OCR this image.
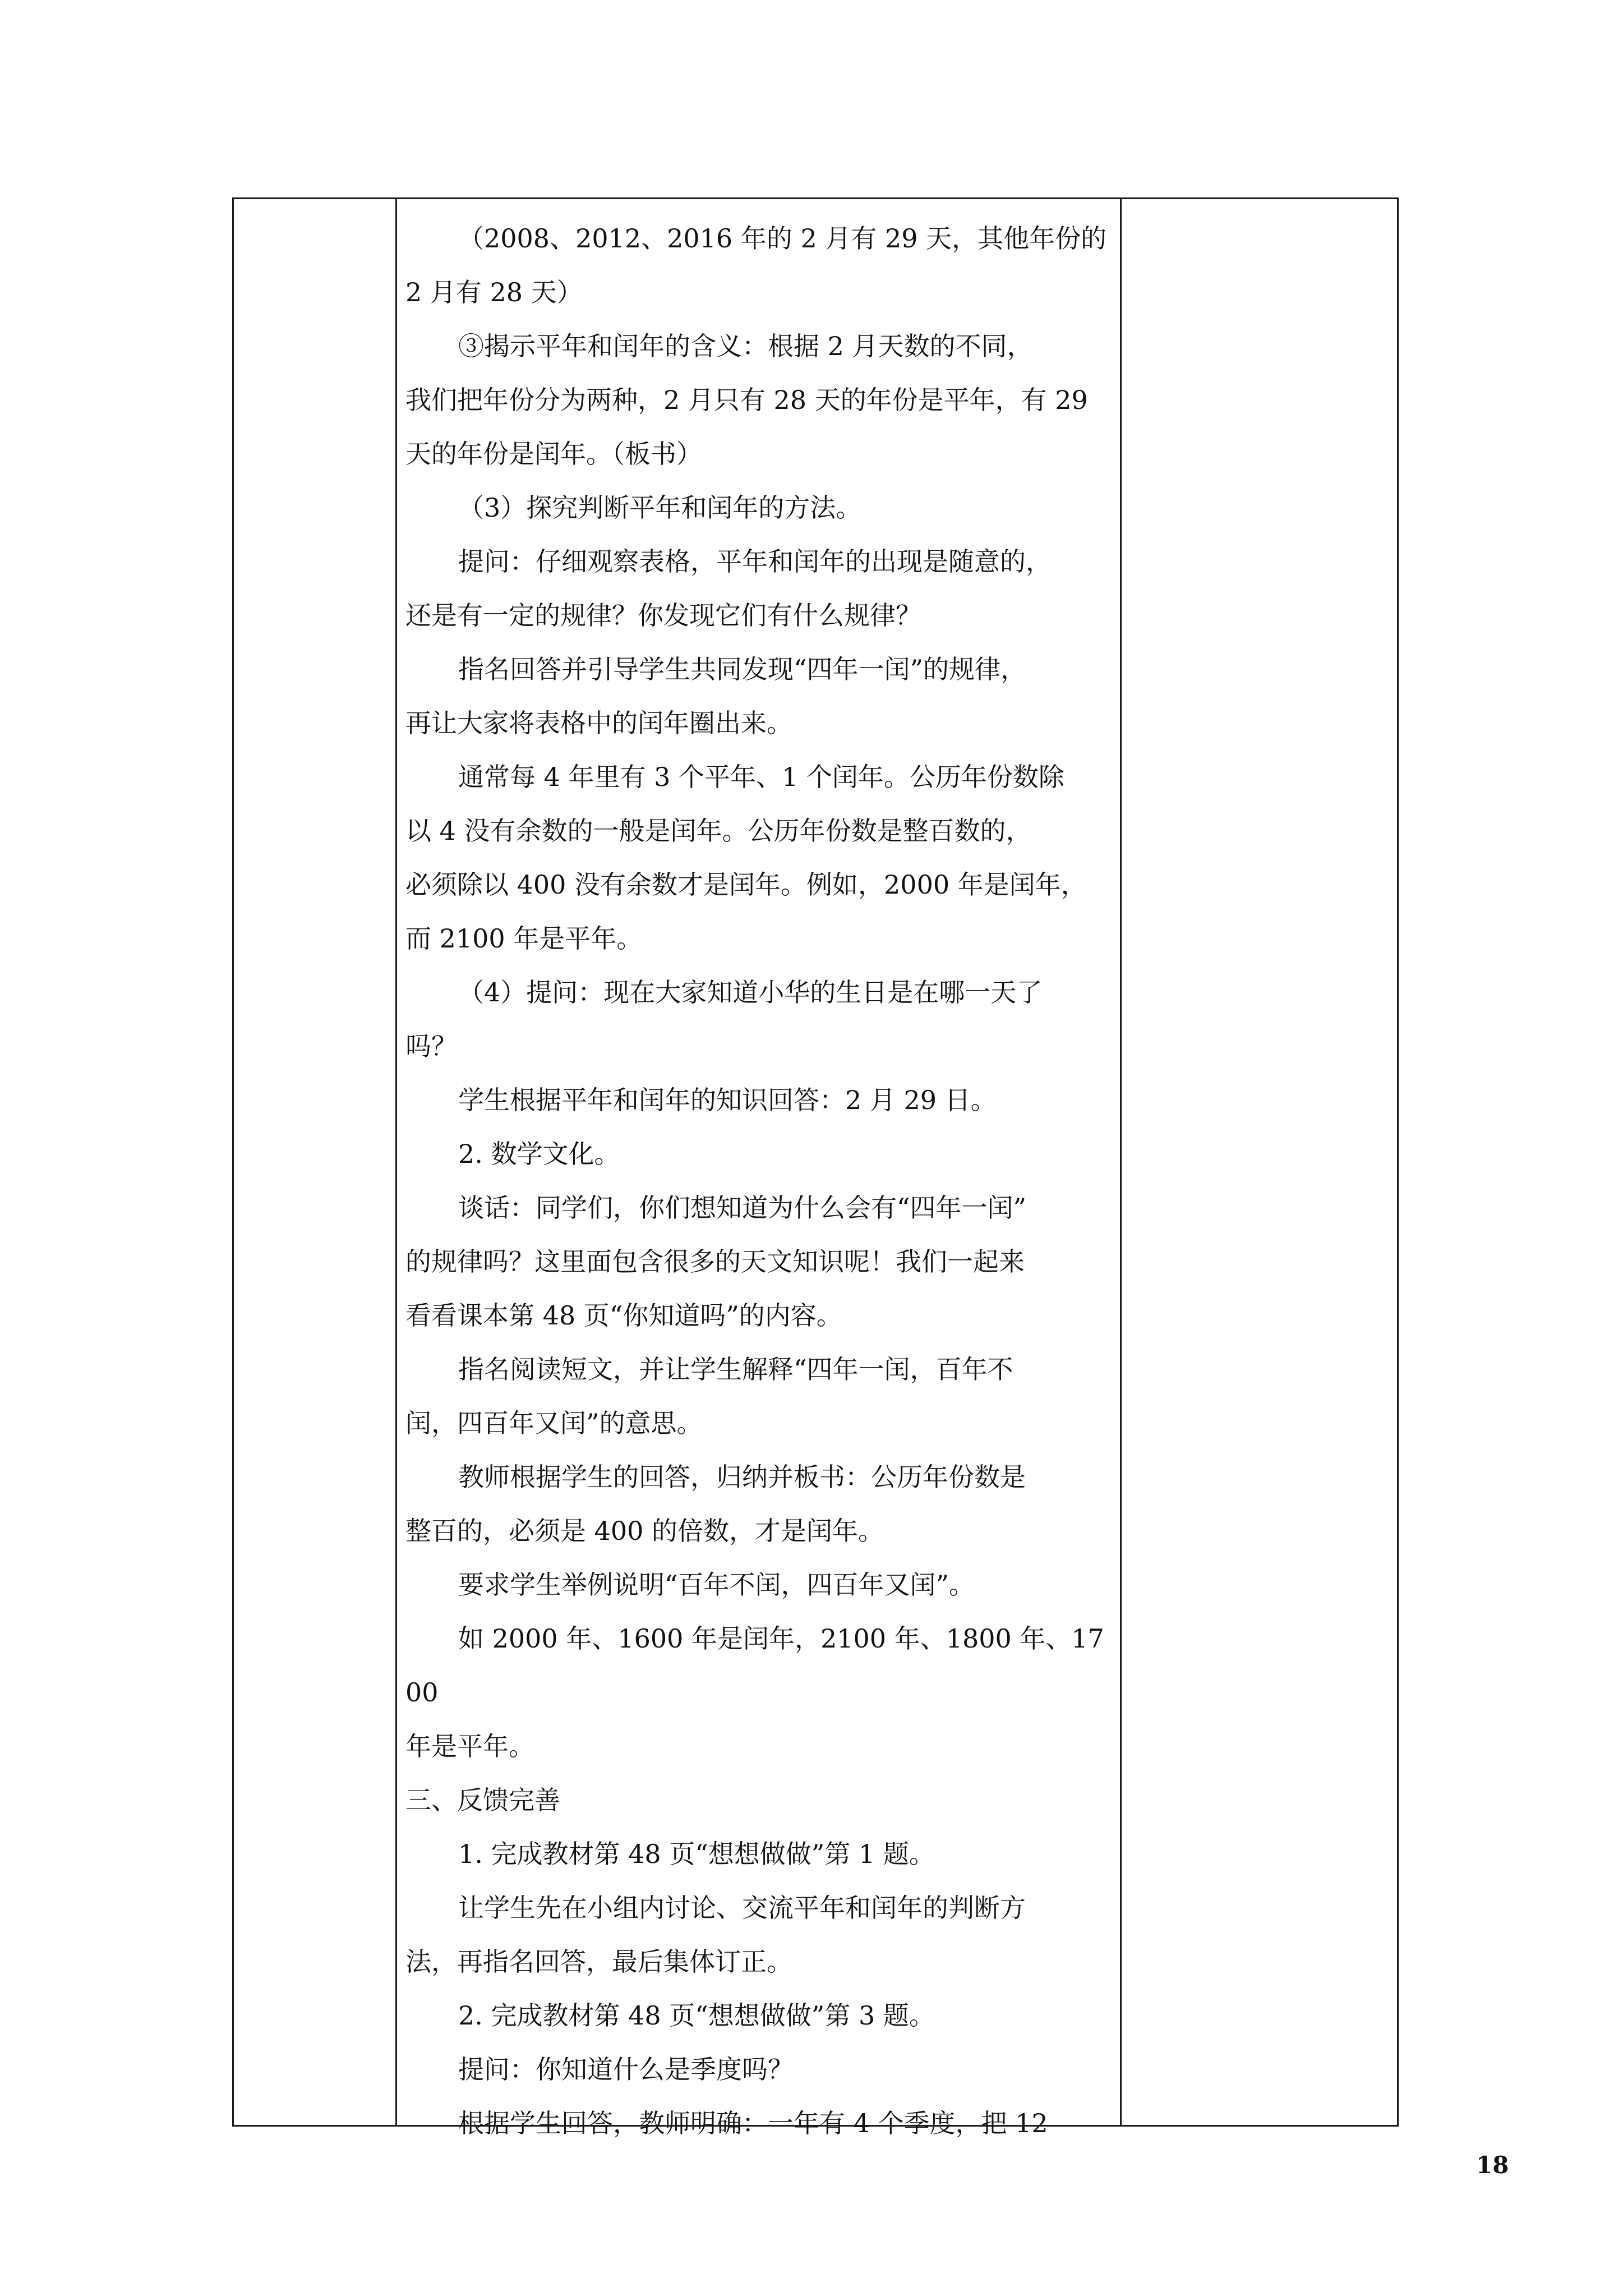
（2008、2012、2016 年的 2 月有 29 天，其他年份的
2 月有 28 天）

③揭示平年和闰年的含义：根据 2 月天数的不同，
我们把年份分为两种，2 月只有 28 天的年份是平年，有 29
天的年份是闰年。（板书）

（3）探究判断平年和闰年的方法。

提问：仔细观察表格，平年和闰年的出现是随意的，
还是有一定的规律？你发现它们有什么规律？

指名回答并引导学生共同发现“四年一闰”的规律，
再让大家将表格中的闰年圈出来。

通常每 4 年里有 3 个平年、1 个闰年。公历年份数除
以 4 没有余数的一般是闰年。公历年份数是整百数的，
必须除以 400 没有余数才是闰年。例如，2000 年是闰年，
而 2100 年是平年。

（4）提问：现在大家知道小华的生日是在哪一天了
吗？

学生根据平年和闰年的知识回答：2 月 29 日。

2. 数学文化。

谈话：同学们，你们想知道为什么会有“四年一闰”
的规律吗？这里面包含很多的天文知识呢！我们一起来
看看课本第 48 页“你知道吗”的内容。

指名阅读短文，并让学生解释“四年一闰，百年不
闰，四百年又闰”的意思。

教师根据学生的回答，归纳并板书：公历年份数是
整百的，必须是 400 的倍数，才是闰年。

要求学生举例说明“百年不闰，四百年又闰”。

如 2000 年、1600 年是闰年，2100 年、1800 年、1700
年是平年。

三、反馈完善

1. 完成教材第 48 页“想想做做”第 1 题。

让学生先在小组内讨论、交流平年和闰年的判断方
法，再指名回答，最后集体订正。

2. 完成教材第 48 页“想想做做”第 3 题。

提问：你知道什么是季度吗？

根据学生回答，教师明确：一年有 4 个季度，把 12

18
